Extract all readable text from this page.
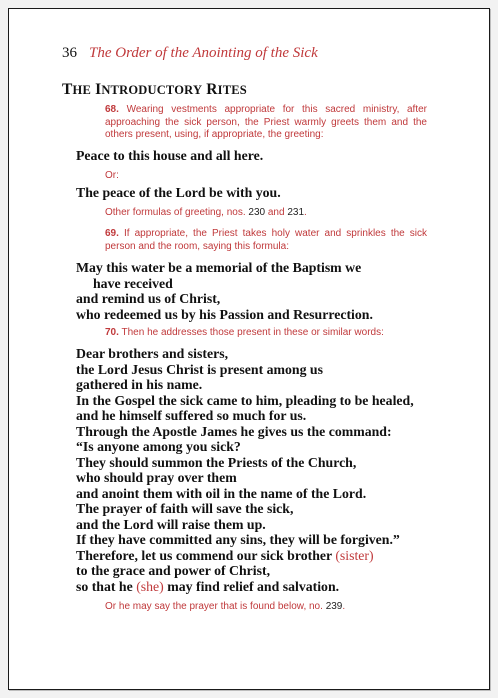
36 The Order of the Anointing of the Sick
THE INTRODUCTORY RITES
68. Wearing vestments appropriate for this sacred ministry, after approaching the sick person, the Priest warmly greets them and the others present, using, if appropriate, the greeting:
Peace to this house and all here.
Or:
The peace of the Lord be with you.
Other formulas of greeting, nos. 230 and 231.
69. If appropriate, the Priest takes holy water and sprinkles the sick person and the room, saying this formula:
May this water be a memorial of the Baptism we
have received
and remind us of Christ,
who redeemed us by his Passion and Resurrection.
70. Then he addresses those present in these or similar words:
Dear brothers and sisters,
the Lord Jesus Christ is present among us
gathered in his name.
In the Gospel the sick came to him, pleading to be healed,
and he himself suffered so much for us.
Through the Apostle James he gives us the command:
“Is anyone among you sick?
They should summon the Priests of the Church,
who should pray over them
and anoint them with oil in the name of the Lord.
The prayer of faith will save the sick,
and the Lord will raise them up.
If they have committed any sins, they will be forgiven.”
Therefore, let us commend our sick brother (sister)
to the grace and power of Christ,
so that he (she) may find relief and salvation.
Or he may say the prayer that is found below, no. 239.
